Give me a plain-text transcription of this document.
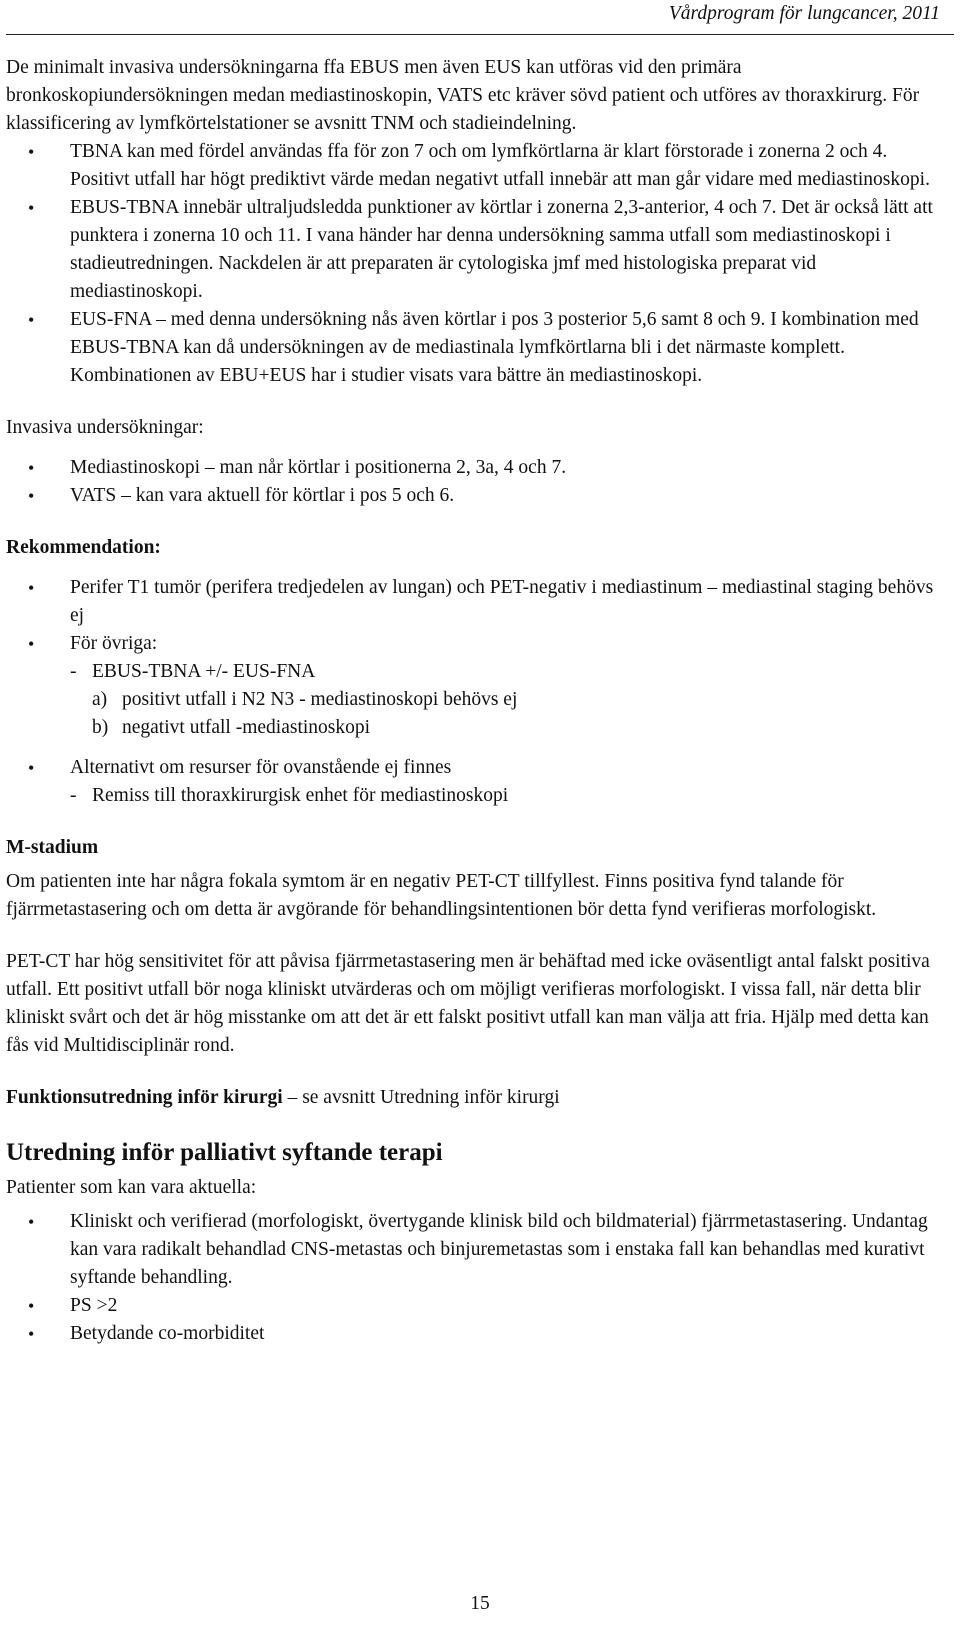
Vårdprogram för lungcancer, 2011

De minimalt invasiva undersökningarna ffa EBUS men även EUS kan utföras vid den primära bronkoskopiundersökningen medan mediastinoskopin, VATS etc kräver sövd patient och utföres av thoraxkirurg. För klassificering av lymfkörtelstationer se avsnitt TNM och stadieindelning.

• TBNA kan med fördel användas ffa för zon 7 och om lymfkörtlarna är klart förstorade i zonerna 2 och 4. Positivt utfall har högt prediktivt värde medan negativt utfall innebär att man går vidare med mediastinoskopi.
• EBUS-TBNA innebär ultraljudsledda punktioner av körtlar i zonerna 2,3-anterior, 4 och 7. Det är också lätt att punktera i zonerna 10 och 11. I vana händer har denna undersökning samma utfall som mediastinoskopi i stadieutredningen. Nackdelen är att preparaten är cytologiska jmf med histologiska preparat vid mediastinoskopi.
• EUS-FNA – med denna undersökning nås även körtlar i pos 3 posterior 5,6 samt 8 och 9. I kombination med EBUS-TBNA kan då undersökningen av de mediastinala lymfkörtlarna bli i det närmaste komplett. Kombinationen av EBU+EUS har i studier visats vara bättre än mediastinoskopi.

Invasiva undersökningar:

• Mediastinoskopi – man når körtlar i positionerna 2, 3a, 4 och 7.
• VATS – kan vara aktuell för körtlar i pos 5 och 6.

Rekommendation:

• Perifer T1 tumör (perifera tredjedelen av lungan) och PET-negativ i mediastinum – mediastinal staging behövs ej
• För övriga:
- EBUS-TBNA +/- EUS-FNA
a) positivt utfall i N2 N3 - mediastinoskopi behövs ej
b) negativt utfall -mediastinoskopi
• Alternativt om resurser för ovanstående ej finnes
- Remiss till thoraxkirurgisk enhet för mediastinoskopi

M-stadium

Om patienten inte har några fokala symtom är en negativ PET-CT tillfyllest. Finns positiva fynd talande för fjärrmetastasering och om detta är avgörande för behandlingsintentionen bör detta fynd verifieras morfologiskt.

PET-CT har hög sensitivitet för att påvisa fjärrmetastasering men är behäftad med icke oväsentligt antal falskt positiva utfall. Ett positivt utfall bör noga kliniskt utvärderas och om möjligt verifieras morfologiskt. I vissa fall, när detta blir kliniskt svårt och det är hög misstanke om att det är ett falskt positivt utfall kan man välja att fria. Hjälp med detta kan fås vid Multidisciplinär rond.

Funktionsutredning inför kirurgi – se avsnitt Utredning inför kirurgi

Utredning inför palliativt syftande terapi

Patienter som kan vara aktuella:

• Kliniskt och verifierad (morfologiskt, övertygande klinisk bild och bildmaterial) fjärrmetastasering. Undantag kan vara radikalt behandlad CNS-metastas och binjuremetastas som i enstaka fall kan behandlas med kurativt syftande behandling.
• PS >2
• Betydande co-morbiditet
15
